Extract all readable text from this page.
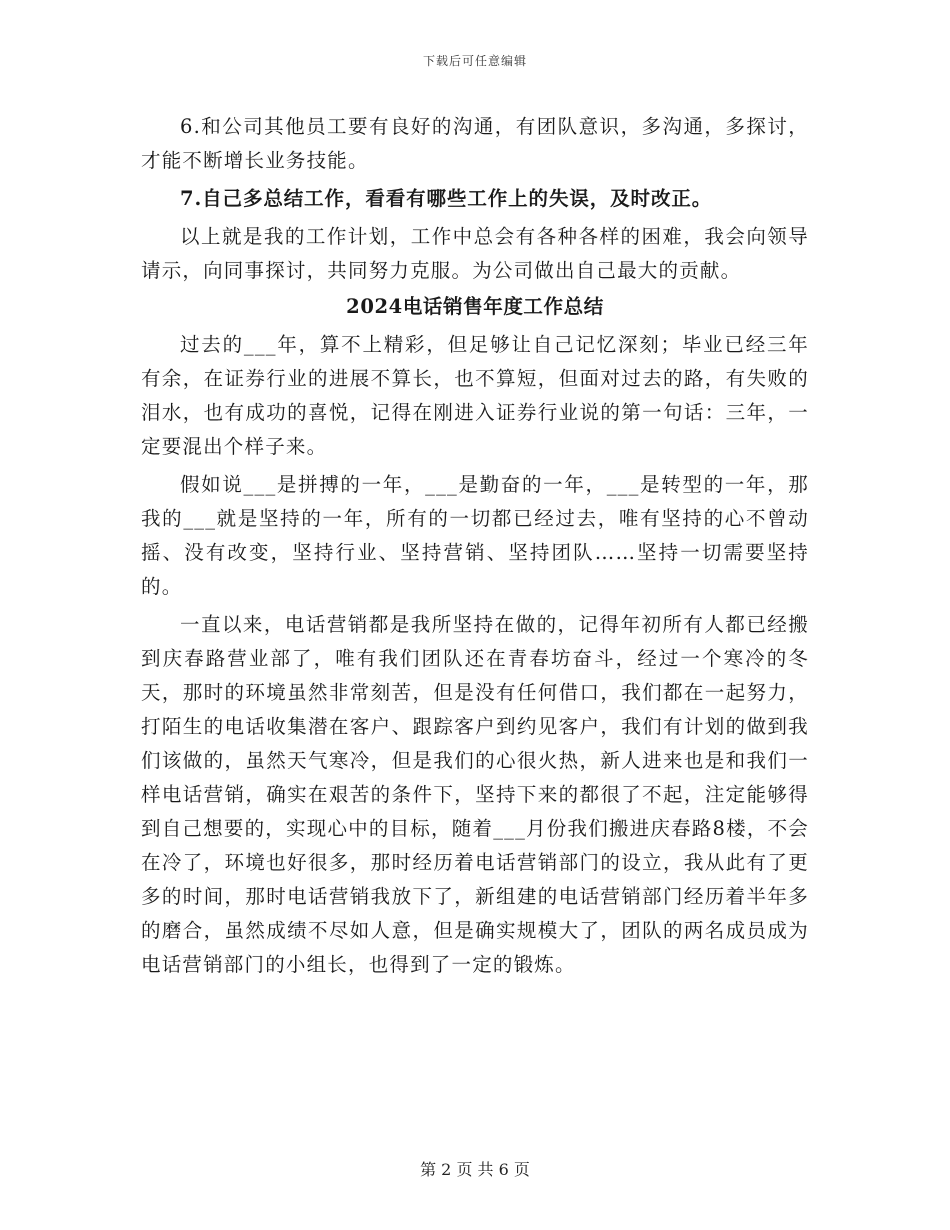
下载后可任意编辑

6.和公司其他员工要有良好的沟通，有团队意识，多沟通，多探讨，才能不断增长业务技能。

7.自己多总结工作，看看有哪些工作上的失误，及时改正。

以上就是我的工作计划，工作中总会有各种各样的困难，我会向领导请示，向同事探讨，共同努力克服。为公司做出自己最大的贡献。

2024电话销售年度工作总结

过去的___年，算不上精彩，但足够让自己记忆深刻；毕业已经三年有余，在证券行业的进展不算长，也不算短，但面对过去的路，有失败的泪水，也有成功的喜悦，记得在刚进入证券行业说的第一句话：三年，一定要混出个样子来。

假如说___是拼搏的一年，___是勤奋的一年，___是转型的一年，那我的___就是坚持的一年，所有的一切都已经过去，唯有坚持的心不曾动摇、没有改变，坚持行业、坚持营销、坚持团队……坚持一切需要坚持的。

一直以来，电话营销都是我所坚持在做的，记得年初所有人都已经搬到庆春路营业部了，唯有我们团队还在青春坊奋斗，经过一个寒冷的冬天，那时的环境虽然非常刻苦，但是没有任何借口，我们都在一起努力，打陌生的电话收集潜在客户、跟踪客户到约见客户，我们有计划的做到我们该做的，虽然天气寒冷，但是我们的心很火热，新人进来也是和我们一样电话营销，确实在艰苦的条件下，坚持下来的都很了不起，注定能够得到自己想要的，实现心中的目标，随着___月份我们搬进庆春路8楼，不会在冷了，环境也好很多，那时经历着电话营销部门的设立，我从此有了更多的时间，那时电话营销我放下了，新组建的电话营销部门经历着半年多的磨合，虽然成绩不尽如人意，但是确实规模大了，团队的两名成员成为电话营销部门的小组长，也得到了一定的锻炼。

第 2 页 共 6 页
